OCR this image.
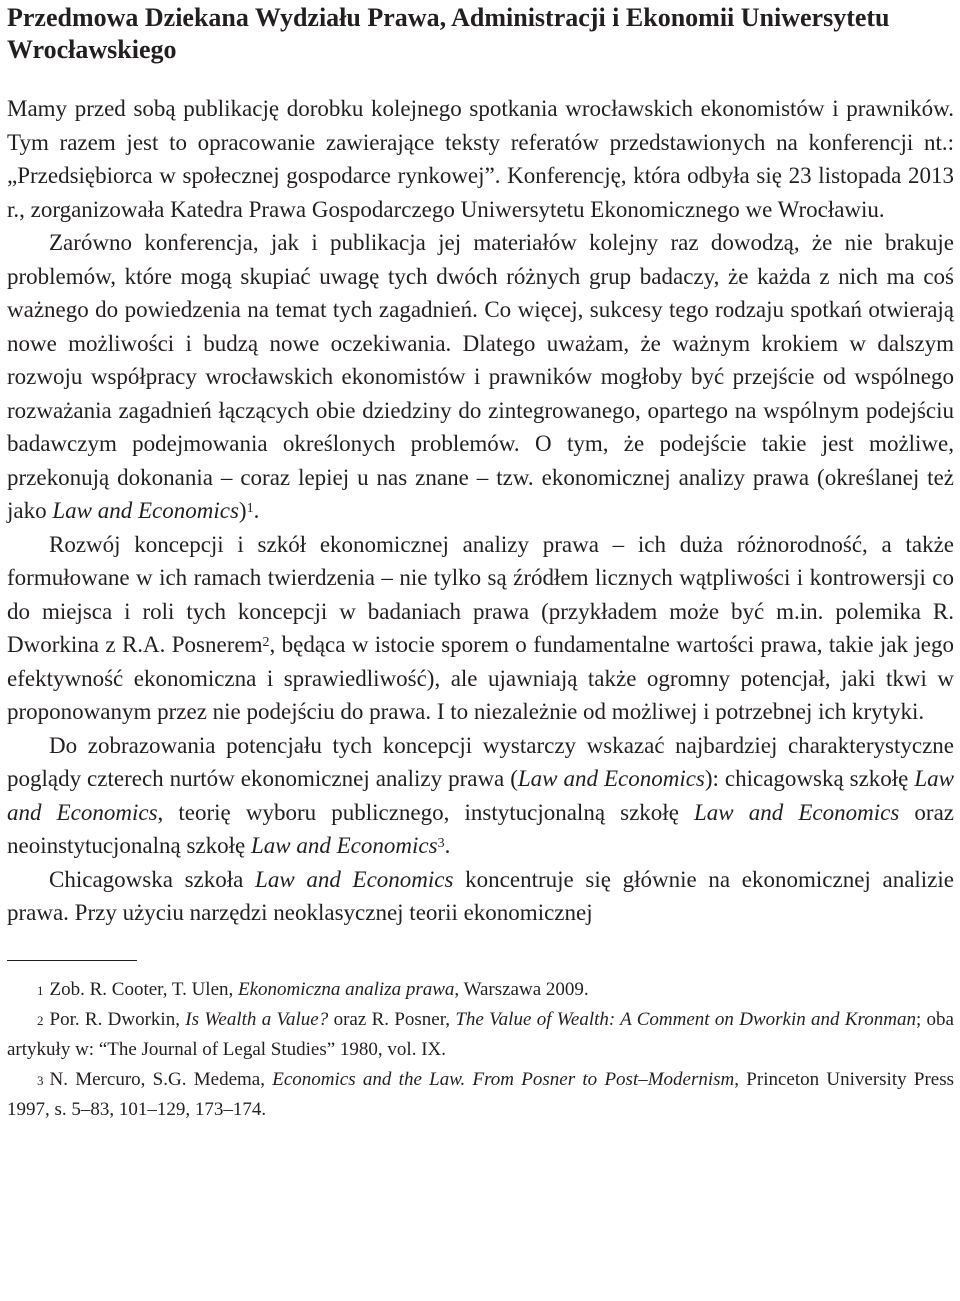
Przedmowa Dziekana Wydziału Prawa, Administracji i Ekonomii Uniwersytetu Wrocławskiego

Mamy przed sobą publikację dorobku kolejnego spotkania wrocławskich ekonomistów i prawników. Tym razem jest to opracowanie zawierające teksty referatów przedstawionych na konferencji nt.: „Przedsiębiorca w społecznej gospodarce rynkowej”. Konferencję, która odbyła się 23 listopada 2013 r., zorganizowała Katedra Prawa Gospodarczego Uniwersytetu Ekonomicznego we Wrocławiu.

Zarówno konferencja, jak i publikacja jej materiałów kolejny raz dowodzą, że nie brakuje problemów, które mogą skupiać uwagę tych dwóch różnych grup badaczy, że każda z nich ma coś ważnego do powiedzenia na temat tych zagadnień. Co więcej, sukcesy tego rodzaju spotkań otwierają nowe możliwości i budzą nowe oczekiwania. Dlatego uważam, że ważnym krokiem w dalszym rozwoju współpracy wrocławskich ekonomistów i prawników mogłoby być przejście od wspólnego rozważania zagadnień łączących obie dziedziny do zintegrowanego, opartego na wspólnym podejściu badawczym podejmowania określonych problemów. O tym, że podejście takie jest możliwe, przekonują dokonania – coraz lepiej u nas znane – tzw. ekonomicznej analizy prawa (określanej też jako Law and Economics)$^1$.

Rozwój koncepcji i szkół ekonomicznej analizy prawa – ich duża różnorodność, a także formułowane w ich ramach twierdzenia – nie tylko są źródłem licznych wątpliwości i kontrowersji co do miejsca i roli tych koncepcji w badaniach prawa (przykładem może być m.in. polemika R. Dworkina z R.A. Posnerem$^2$, będąca w istocie sporem o fundamentalne wartości prawa, takie jak jego efektywność ekonomiczna i sprawiedliwość), ale ujawniają także ogromny potencjał, jaki tkwi w proponowanym przez nie podejściu do prawa. I to niezależnie od możliwej i potrzebnej ich krytyki.

Do zobrazowania potencjału tych koncepcji wystarczy wskazać najbardziej charakterystyczne poglądy czterech nurtów ekonomicznej analizy prawa (Law and Economics): chicagowską szkołę Law and Economics, teorię wyboru publicznego, instytucjonalną szkołę Law and Economics oraz neoinstytucjonalną szkołę Law and Economics$^3$.

Chicagowska szkoła Law and Economics koncentruje się głównie na ekonomicznej analizie prawa. Przy użyciu narzędzi neoklasycznej teorii ekonomicznej

$^1$ Zob. R. Cooter, T. Ulen, Ekonomiczna analiza prawa, Warszawa 2009.

$^2$ Por. R. Dworkin, Is Wealth a Value? oraz R. Posner, The Value of Wealth: A Comment on Dworkin and Kronman; oba artykuły w: “The Journal of Legal Studies” 1980, vol. IX.

$^3$ N. Mercuro, S.G. Medema, Economics and the Law. From Posner to Post–Modernism, Princeton University Press 1997, s. 5–83, 101–129, 173–174.
